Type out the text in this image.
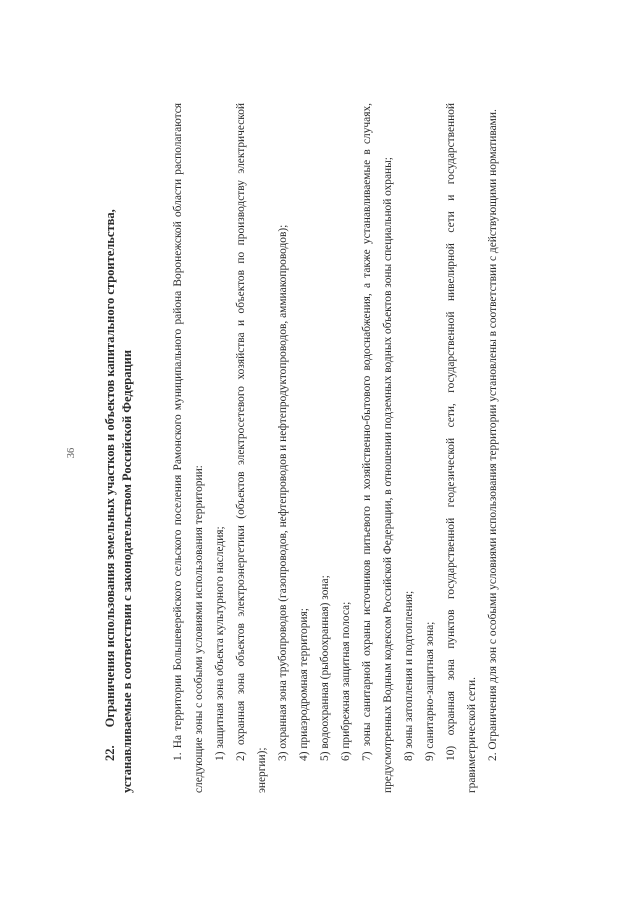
36
22.Ограничения использования земельных участков и объектов капитального строительства, устанавливаемые в соответствии с законодательством Российской Федерации	1. На территории Большеверейского сельского поселения Рамонского муниципального района Воронежской области располагаются следующие зоны с особыми условиями использования территории: 1) защитная зона объекта культурного наследия; 2) охранная зона объектов электроэнергетики (объектов электросетевого хозяйства и объектов по производству электрической энергии);

3) охранная зона трубопроводов (газопроводов, нефтепроводов и нефтепродуктопроводов, аммиакопроводов); 4) приаэродромная территория; 5) водоохранная (рыбоохранная) зона; 6) прибрежная защитная полоса; 7) зоны санитарной охраны источников питьевого и хозяйственно-бытового водоснабжения, а также устанавливаемые в случаях, предусмотренных Водным кодексом Российской Федерации, в отношении подземных водных объектов зоны специальной охраны; 8) зоны затопления и подтопления; 9) санитарно-защитная зона; 10) охранная зона пунктов государственной геодезической сети, государственной нивелирной сети и государственной гравиметрической сети. 2. Ограничения для зон с особыми условиями использования территории установлены в соответствии с действующими нормативами.
